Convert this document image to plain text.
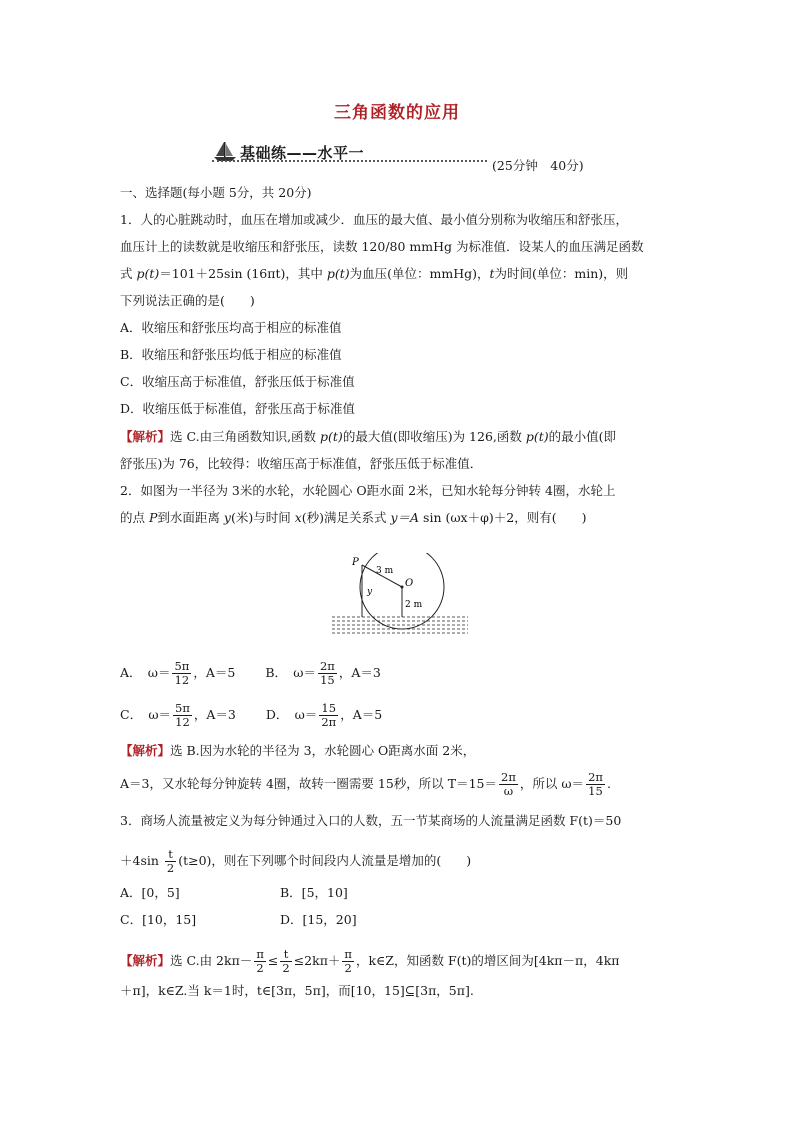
三角函数的应用
基础练——水平一
(25分钟　40分)
一、选择题(每小题 5分，共 20分)
1．人的心脏跳动时，血压在增加或减少．血压的最大值、最小值分别称为收缩压和舒张压，
血压计上的读数就是收缩压和舒张压，读数 120/80 mmHg 为标准值．设某人的血压满足函数
式 p(t)＝101＋25sin (16πt)，其中 p(t)为血压(单位：mmHg)，t为时间(单位：min)，则
下列说法正确的是(　　)
A．收缩压和舒张压均高于相应的标准值
B．收缩压和舒张压均低于相应的标准值
C．收缩压高于标准值，舒张压低于标准值
D．收缩压低于标准值，舒张压高于标准值
【解析】选 C.由三角函数知识,函数 p(t)的最大值(即收缩压)为 126,函数 p(t)的最小值(即
舒张压)为 76，比较得：收缩压高于标准值，舒张压低于标准值．
2．如图为一半径为 3米的水轮，水轮圆心 O距水面 2米，已知水轮每分钟转 4圈，水轮上
的点 P到水面距离 y(米)与时间 x(秒)满足关系式 y＝A sin (ωx＋φ)＋2，则有(　　)
P
O
3 m
y
2 m
A．　$\omega= \frac{5\pi}{12}$ ，A＝5 B．　$\omega= \frac{2\pi}{15}$ ，A＝3
C．　$\omega= \frac{5\pi}{12}$ ，A＝3 D．　$\omega= \frac{15}{2\pi}$ ，A＝5
【解析】选 B.因为水轮的半径为 3，水轮圆心 O距离水面 2米，
A＝3，又水轮每分钟旋转 4圈，故转一圈需要 15秒，所以 $T=15= \frac{2\pi}{\omega}$ ，所以 $\omega= \frac{2\pi}{15}$ .
3．商场人流量被定义为每分钟通过入口的人数，五一节某商场的人流量满足函数 F(t)＝50
$+4\sin \frac{t}{2} (t\ge 0)$，则在下列哪个时间段内人流量是增加的(　　)
A．[0，5]	B．[5，10]
C．[10，15]	D．[15，20]
【解析】选 C.由 $2k\pi- \frac{\pi}{2} \le \frac{t}{2} \le 2k\pi+ \frac{\pi}{2}$ ，k∈Z，知函数 F(t)的增区间为[4kπ－π，4kπ
＋π]，k∈Z.当 k＝1时，t∈[3π，5π]，而[10，15]⊆[3π，5π].
